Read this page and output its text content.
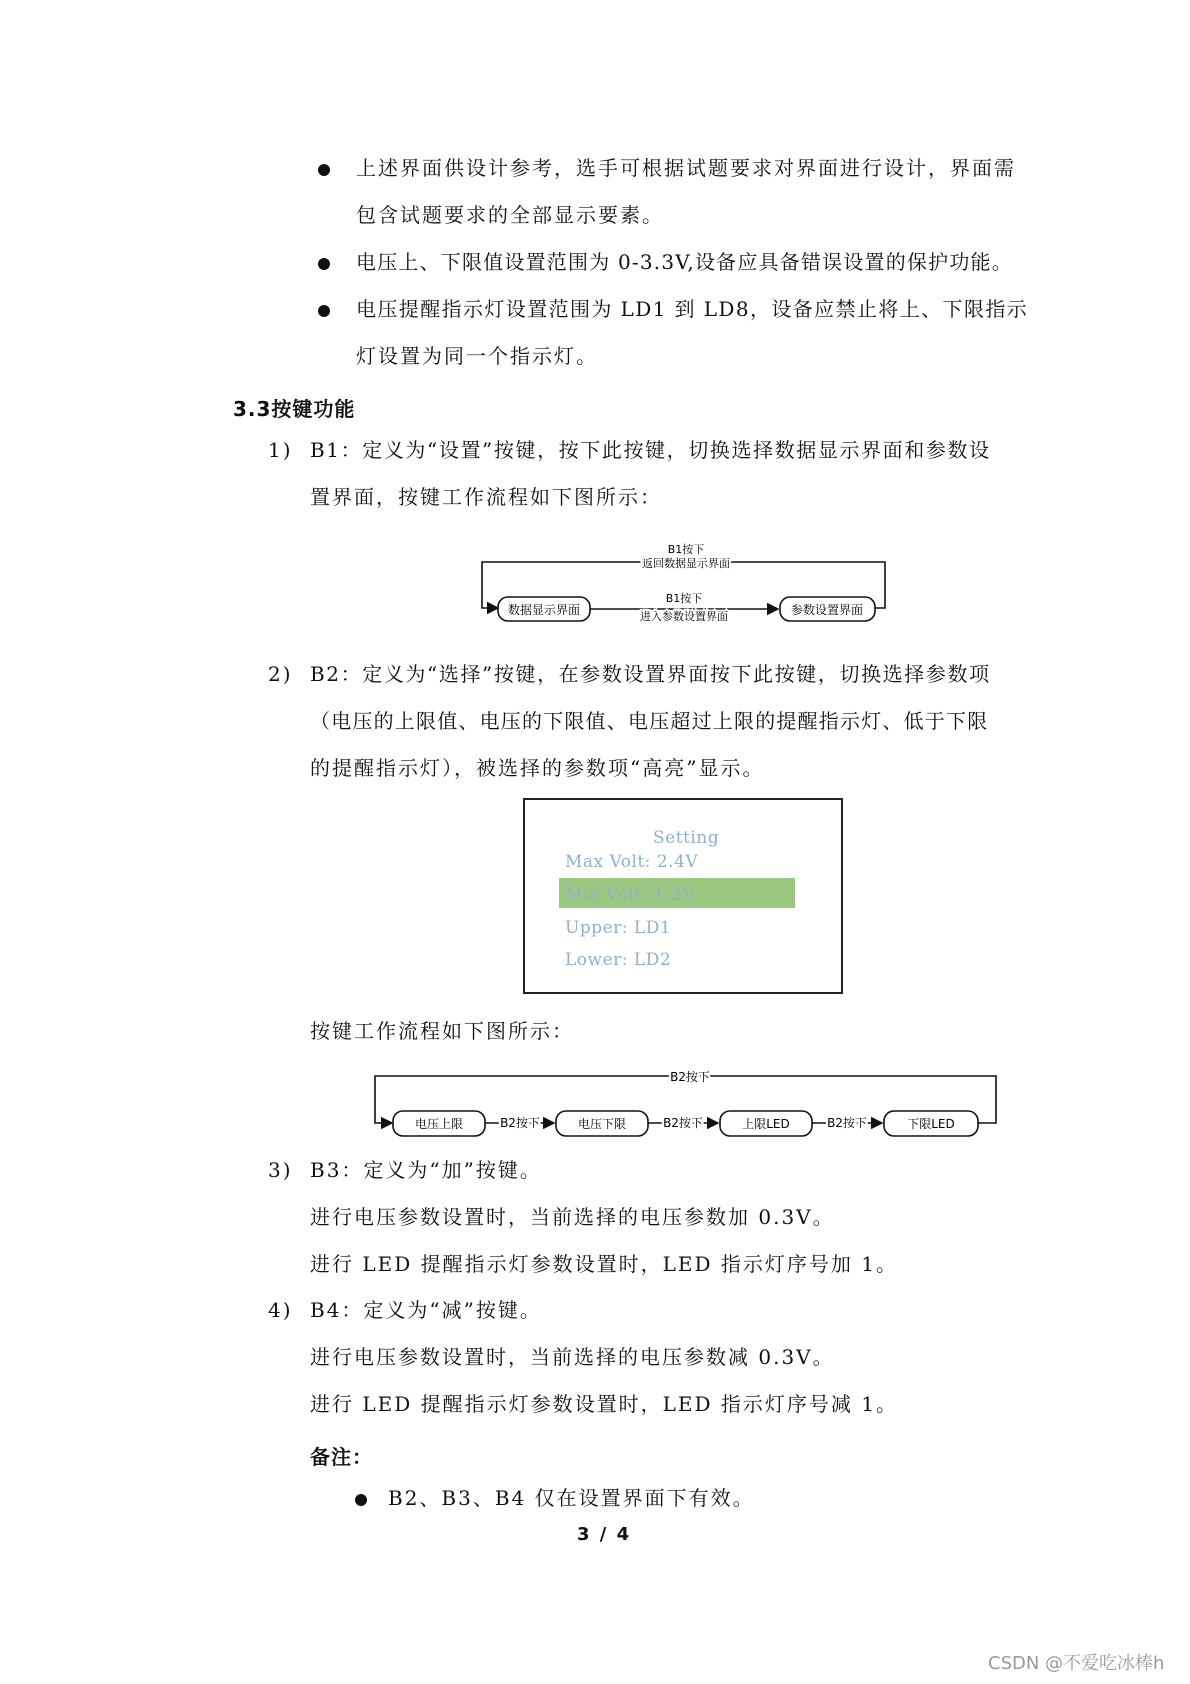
上述界面供设计参考，选手可根据试题要求对界面进行设计，界面需
包含试题要求的全部显示要素。
电压上、下限值设置范围为 0-3.3V,设备应具备错误设置的保护功能。
电压提醒指示灯设置范围为 LD1 到 LD8，设备应禁止将上、下限指示
灯设置为同一个指示灯。
3.3按键功能
1) B1：定义为“设置”按键，按下此按键，切换选择数据显示界面和参数设
置界面，按键工作流程如下图所示：
B1按下
返回数据显示界面
数据显示界面	参数设置界面
B1按下
进入参数设置界面
2) B2：定义为“选择”按键，在参数设置界面按下此按键，切换选择参数项
（电压的上限值、电压的下限值、电压超过上限的提醒指示灯、低于下限
的提醒指示灯），被选择的参数项“高亮”显示。
Setting
Max Volt: 2.4V
Min Volt: 1.2V
Upper: LD1
Lower: LD2
按键工作流程如下图所示：
B2按下
电压上限	电压下限	上限LED	下限LED
B2按下	B2按下	B2按下
3) B3：定义为“加”按键。
进行电压参数设置时，当前选择的电压参数加 0.3V。
进行 LED 提醒指示灯参数设置时，LED 指示灯序号加 1。
4) B4：定义为“减”按键。
进行电压参数设置时，当前选择的电压参数减 0.3V。
进行 LED 提醒指示灯参数设置时，LED 指示灯序号减 1。
备注：
B2、B3、B4 仅在设置界面下有效。
3 / 4
CSDN @不爱吃冰棒h
